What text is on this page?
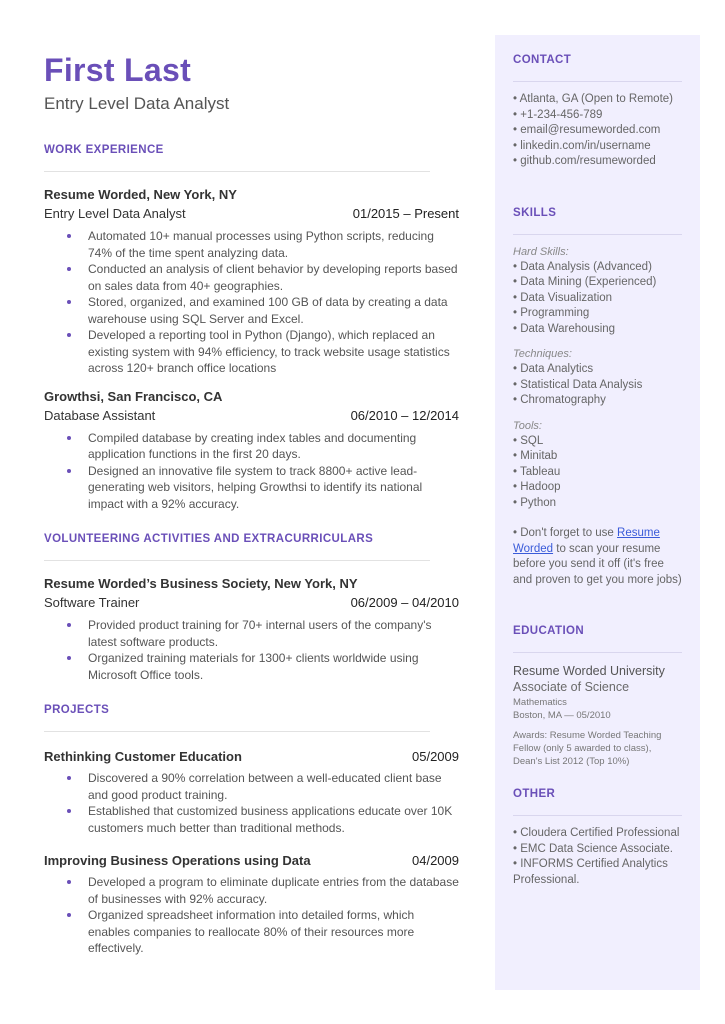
First Last
Entry Level Data Analyst
WORK EXPERIENCE
Resume Worded, New York, NY
Entry Level Data Analyst	01/2015 – Present
Automated 10+ manual processes using Python scripts, reducing 74% of the time spent analyzing data.
Conducted an analysis of client behavior by developing reports based on sales data from 40+ geographies.
Stored, organized, and examined 100 GB of data by creating a data warehouse using SQL Server and Excel.
Developed a reporting tool in Python (Django), which replaced an existing system with 94% efficiency, to track website usage statistics across 120+ branch office locations
Growthsi, San Francisco, CA
Database Assistant	06/2010 – 12/2014
Compiled database by creating index tables and documenting application functions in the first 20 days.
Designed an innovative file system to track 8800+ active lead-generating web visitors, helping Growthsi to identify its national impact with a 92% accuracy.
VOLUNTEERING ACTIVITIES AND EXTRACURRICULARS
Resume Worded’s Business Society, New York, NY
Software Trainer	06/2009 – 04/2010
Provided product training for 70+ internal users of the company's latest software products.
Organized training materials for 1300+ clients worldwide using Microsoft Office tools.
PROJECTS
Rethinking Customer Education	05/2009
Discovered a 90% correlation between a well-educated client base and good product training.
Established that customized business applications educate over 10K customers much better than traditional methods.
Improving Business Operations using Data	04/2009
Developed a program to eliminate duplicate entries from the database of businesses with 92% accuracy.
Organized spreadsheet information into detailed forms, which enables companies to reallocate 80% of their resources more effectively.
CONTACT
• Atlanta, GA (Open to Remote)
• +1-234-456-789
• email@resumeworded.com
• linkedin.com/in/username
• github.com/resumeworded
SKILLS
Hard Skills:
• Data Analysis (Advanced)
• Data Mining (Experienced)
• Data Visualization
• Programming
• Data Warehousing
Techniques:
• Data Analytics
• Statistical Data Analysis
• Chromatography
Tools:
• SQL
• Minitab
• Tableau
• Hadoop
• Python
• Don't forget to use Resume Worded to scan your resume before you send it off (it's free and proven to get you more jobs)
EDUCATION
Resume Worded University
Associate of Science
Mathematics
Boston, MA — 05/2010
Awards: Resume Worded Teaching Fellow (only 5 awarded to class), Dean's List 2012 (Top 10%)
OTHER
• Cloudera Certified Professional
• EMC Data Science Associate.
• INFORMS Certified Analytics Professional.
